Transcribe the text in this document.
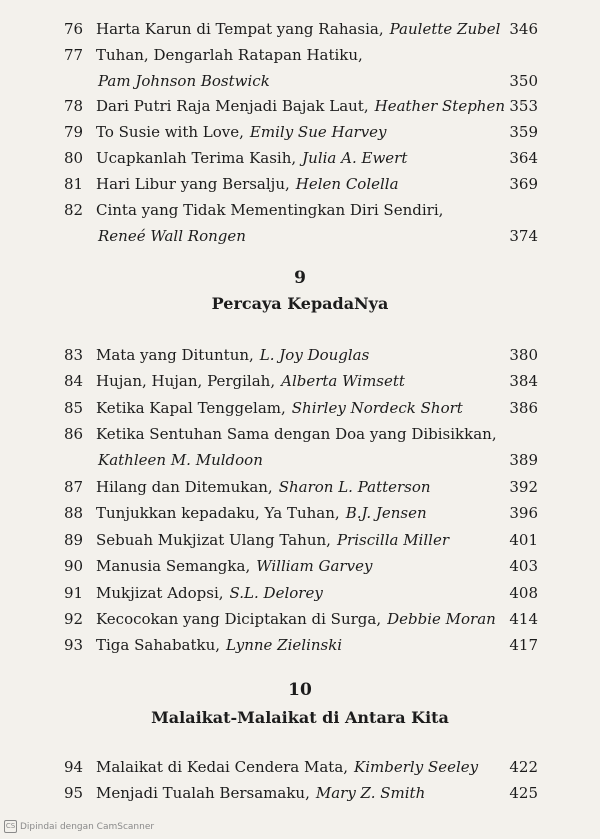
76 Harta Karun di Tempat yang Rahasia, Paulette Zubel 346
77 Tuhan, Dengarlah Ratapan Hatiku,
Pam Johnson Bostwick	350
78 Dari Putri Raja Menjadi Bajak Laut, Heather Stephen 353
79 To Susie with Love, Emily Sue Harvey	359
80 Ucapkanlah Terima Kasih, Julia A. Ewert	364
81 Hari Libur yang Bersalju, Helen Colella	369
82 Cinta yang Tidak Mementingkan Diri Sendiri,
Reneé Wall Rongen	374
9
Percaya KepadaNya
83 Mata yang Dituntun, L. Joy Douglas	380
84 Hujan, Hujan, Pergilah, Alberta Wimsett	384
85 Ketika Kapal Tenggelam, Shirley Nordeck Short	386
86 Ketika Sentuhan Sama dengan Doa yang Dibisikkan,
Kathleen M. Muldoon	389
87 Hilang dan Ditemukan, Sharon L. Patterson	392
88 Tunjukkan kepadaku, Ya Tuhan, B.J. Jensen	396
89 Sebuah Mukjizat Ulang Tahun, Priscilla Miller	401
90 Manusia Semangka, William Garvey	403
91 Mukjizat Adopsi, S.L. Delorey	408
92 Kecocokan yang Diciptakan di Surga, Debbie Moran 414
93 Tiga Sahabatku, Lynne Zielinski	417
10
Malaikat-Malaikat di Antara Kita
94 Malaikat di Kedai Cendera Mata, Kimberly Seeley 422
95 Menjadi Tualah Bersamaku, Mary Z. Smith	425
CS Dipindai dengan CamScanner
